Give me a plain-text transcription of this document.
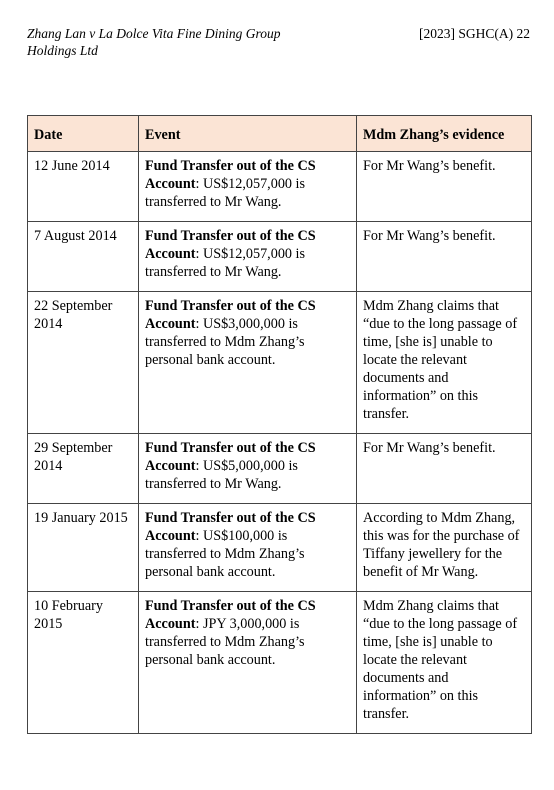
Zhang Lan v La Dolce Vita Fine Dining Group Holdings Ltd
[2023] SGHC(A) 22
Date	Event	Mdm Zhang’s evidence
12 June 2014	Fund Transfer out of the CS Account: US$12,057,000 is transferred to Mr Wang.	For Mr Wang’s benefit.
7 August 2014	Fund Transfer out of the CS Account: US$12,057,000 is transferred to Mr Wang.	For Mr Wang’s benefit.
22 September 2014	Fund Transfer out of the CS Account: US$3,000,000 is transferred to Mdm Zhang’s personal bank account.	Mdm Zhang claims that “due to the long passage of time, [she is] unable to locate the relevant documents and information” on this transfer.
29 September 2014	Fund Transfer out of the CS Account: US$5,000,000 is transferred to Mr Wang.	For Mr Wang’s benefit.
19 January 2015	Fund Transfer out of the CS Account: US$100,000 is transferred to Mdm Zhang’s personal bank account.	According to Mdm Zhang, this was for the purchase of Tiffany jewellery for the benefit of Mr Wang.
10 February 2015	Fund Transfer out of the CS Account: JPY 3,000,000 is transferred to Mdm Zhang’s personal bank account.	Mdm Zhang claims that “due to the long passage of time, [she is] unable to locate the relevant documents and information” on this transfer.
